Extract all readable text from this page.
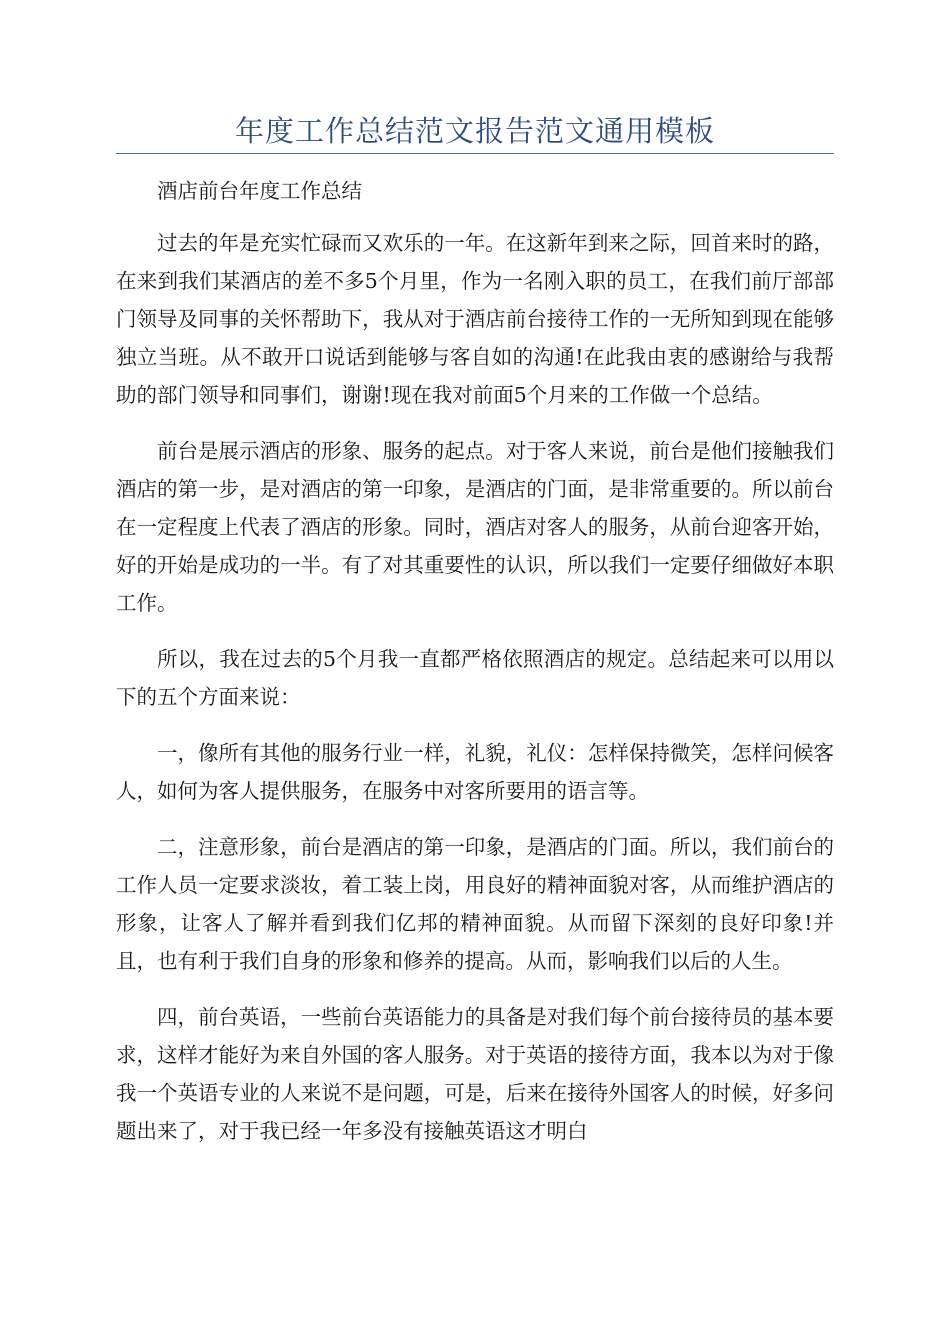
年度工作总结范文报告范文通用模板

酒店前台年度工作总结

过去的年是充实忙碌而又欢乐的一年。在这新年到来之际，回首来时的路，在来到我们某酒店的差不多5个月里，作为一名刚入职的员工，在我们前厅部部门领导及同事的关怀帮助下，我从对于酒店前台接待工作的一无所知到现在能够独立当班。从不敢开口说话到能够与客自如的沟通!在此我由衷的感谢给与我帮助的部门领导和同事们，谢谢!现在我对前面5个月来的工作做一个总结。

前台是展示酒店的形象、服务的起点。对于客人来说，前台是他们接触我们酒店的第一步，是对酒店的第一印象，是酒店的门面，是非常重要的。所以前台在一定程度上代表了酒店的形象。同时，酒店对客人的服务，从前台迎客开始，好的开始是成功的一半。有了对其重要性的认识，所以我们一定要仔细做好本职工作。

所以，我在过去的5个月我一直都严格依照酒店的规定。总结起来可以用以下的五个方面来说：

一，像所有其他的服务行业一样，礼貌，礼仪：怎样保持微笑，怎样问候客人，如何为客人提供服务，在服务中对客所要用的语言等。

二，注意形象，前台是酒店的第一印象，是酒店的门面。所以，我们前台的工作人员一定要求淡妆，着工装上岗，用良好的精神面貌对客，从而维护酒店的形象，让客人了解并看到我们亿邦的精神面貌。从而留下深刻的良好印象!并且，也有利于我们自身的形象和修养的提高。从而，影响我们以后的人生。

四，前台英语，一些前台英语能力的具备是对我们每个前台接待员的基本要求，这样才能好为来自外国的客人服务。对于英语的接待方面，我本以为对于像我一个英语专业的人来说不是问题，可是，后来在接待外国客人的时候，好多问题出来了，对于我已经一年多没有接触英语这才明白
